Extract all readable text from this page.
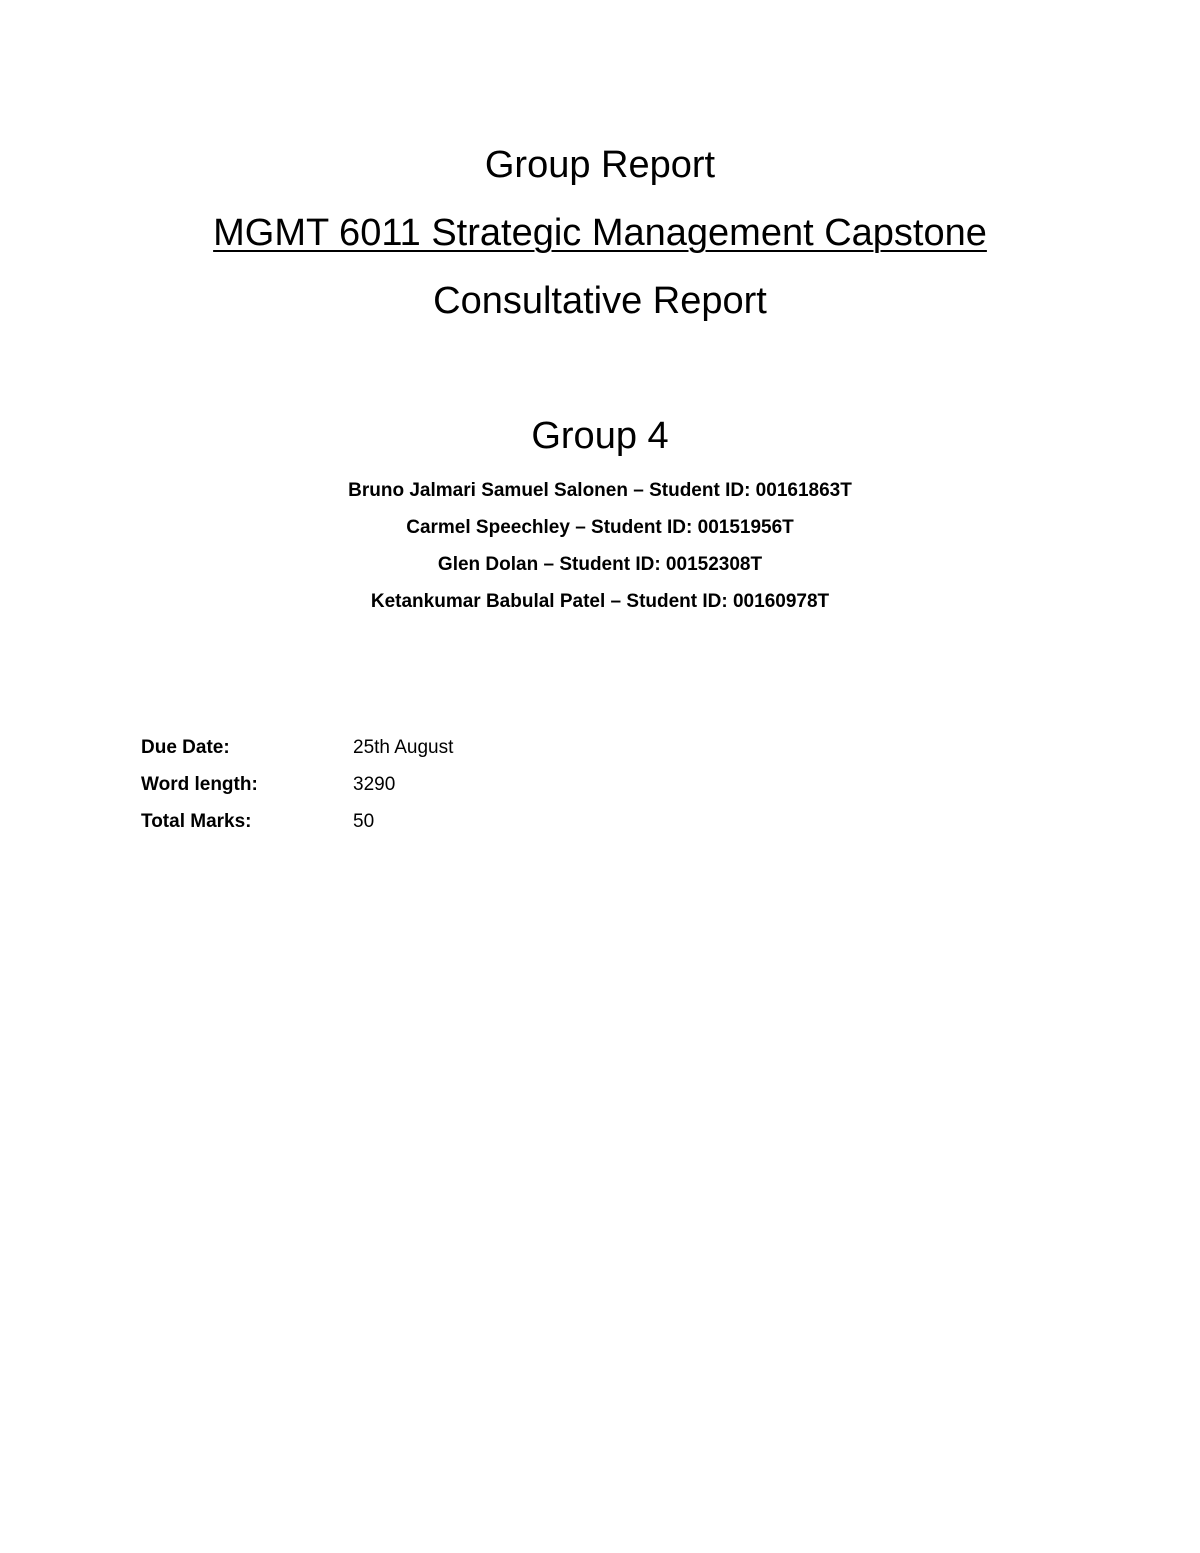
Group Report
MGMT 6011 Strategic Management Capstone
Consultative Report
Group 4
Bruno Jalmari Samuel Salonen – Student ID: 00161863T
Carmel Speechley – Student ID: 00151956T
Glen Dolan – Student ID: 00152308T
Ketankumar Babulal Patel – Student ID: 00160978T
Due Date:	25th August
Word length:	3290
Total Marks:	50
